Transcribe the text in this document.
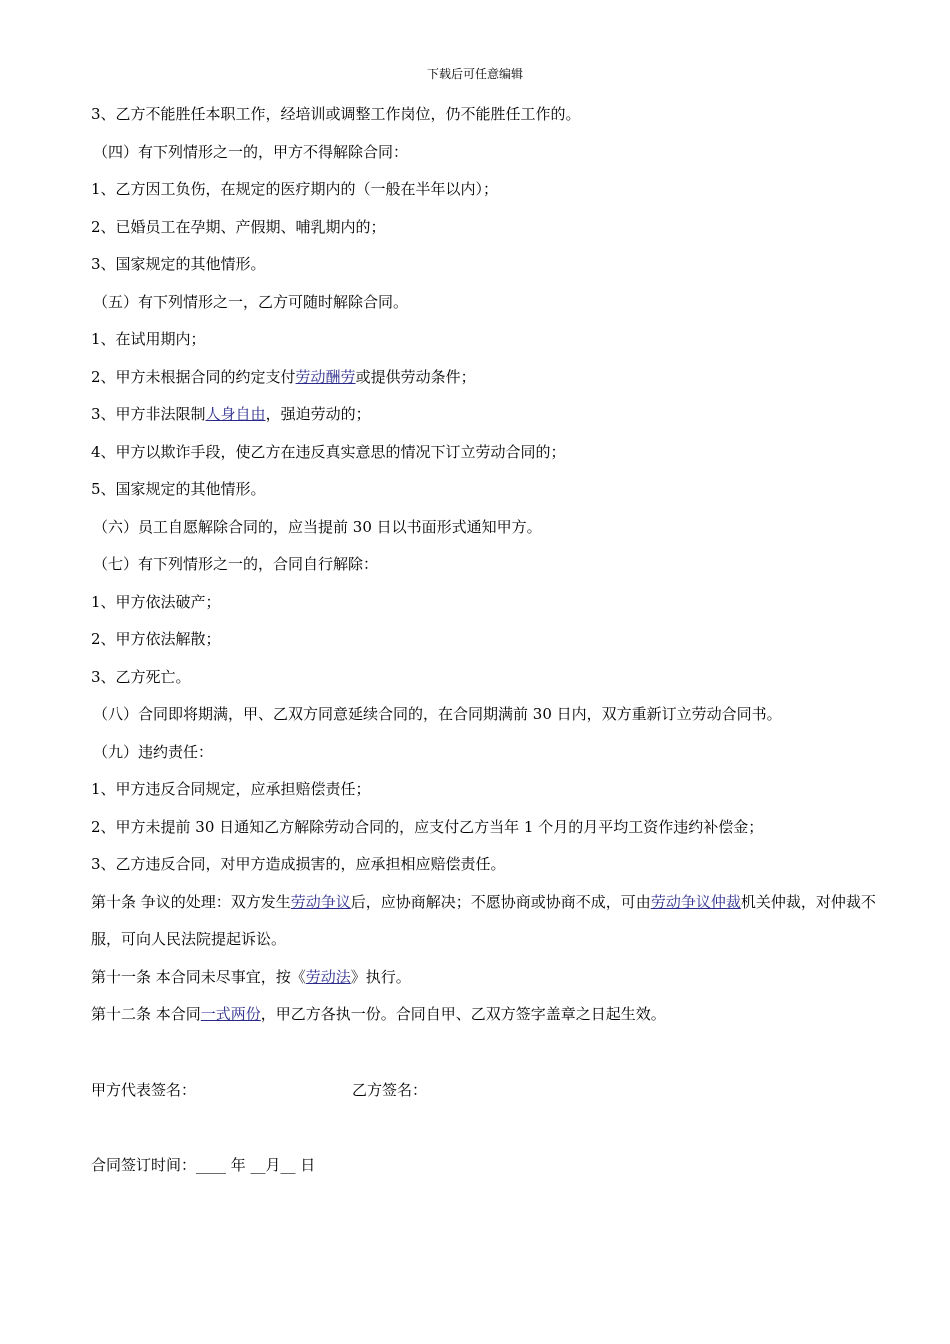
下载后可任意编辑
3、乙方不能胜任本职工作，经培训或调整工作岗位，仍不能胜任工作的。
（四）有下列情形之一的，甲方不得解除合同：
1、乙方因工负伤，在规定的医疗期内的（一般在半年以内）；
2、已婚员工在孕期、产假期、哺乳期内的；
3、国家规定的其他情形。
（五）有下列情形之一，乙方可随时解除合同。
1、在试用期内；
2、甲方未根据合同的约定支付劳动酬劳或提供劳动条件；
3、甲方非法限制人身自由，强迫劳动的；
4、甲方以欺诈手段，使乙方在违反真实意思的情况下订立劳动合同的；
5、国家规定的其他情形。
（六）员工自愿解除合同的，应当提前 30 日以书面形式通知甲方。
（七）有下列情形之一的，合同自行解除：
1、甲方依法破产；
2、甲方依法解散；
3、乙方死亡。
（八）合同即将期满，甲、乙双方同意延续合同的，在合同期满前 30 日内，双方重新订立劳动合同书。
（九）违约责任：
1、甲方违反合同规定，应承担赔偿责任；
2、甲方未提前 30 日通知乙方解除劳动合同的，应支付乙方当年 1 个月的月平均工资作违约补偿金；
3、乙方违反合同，对甲方造成损害的，应承担相应赔偿责任。
第十条 争议的处理：双方发生劳动争议后，应协商解决；不愿协商或协商不成，可由劳动争议仲裁机关仲裁，对仲裁不服，可向人民法院提起诉讼。
第十一条 本合同未尽事宜，按《劳动法》执行。
第十二条 本合同一式两份，甲乙方各执一份。合同自甲、乙双方签字盖章之日起生效。
甲方代表签名：	乙方签名：
合同签订时间：____ 年 __月__ 日
